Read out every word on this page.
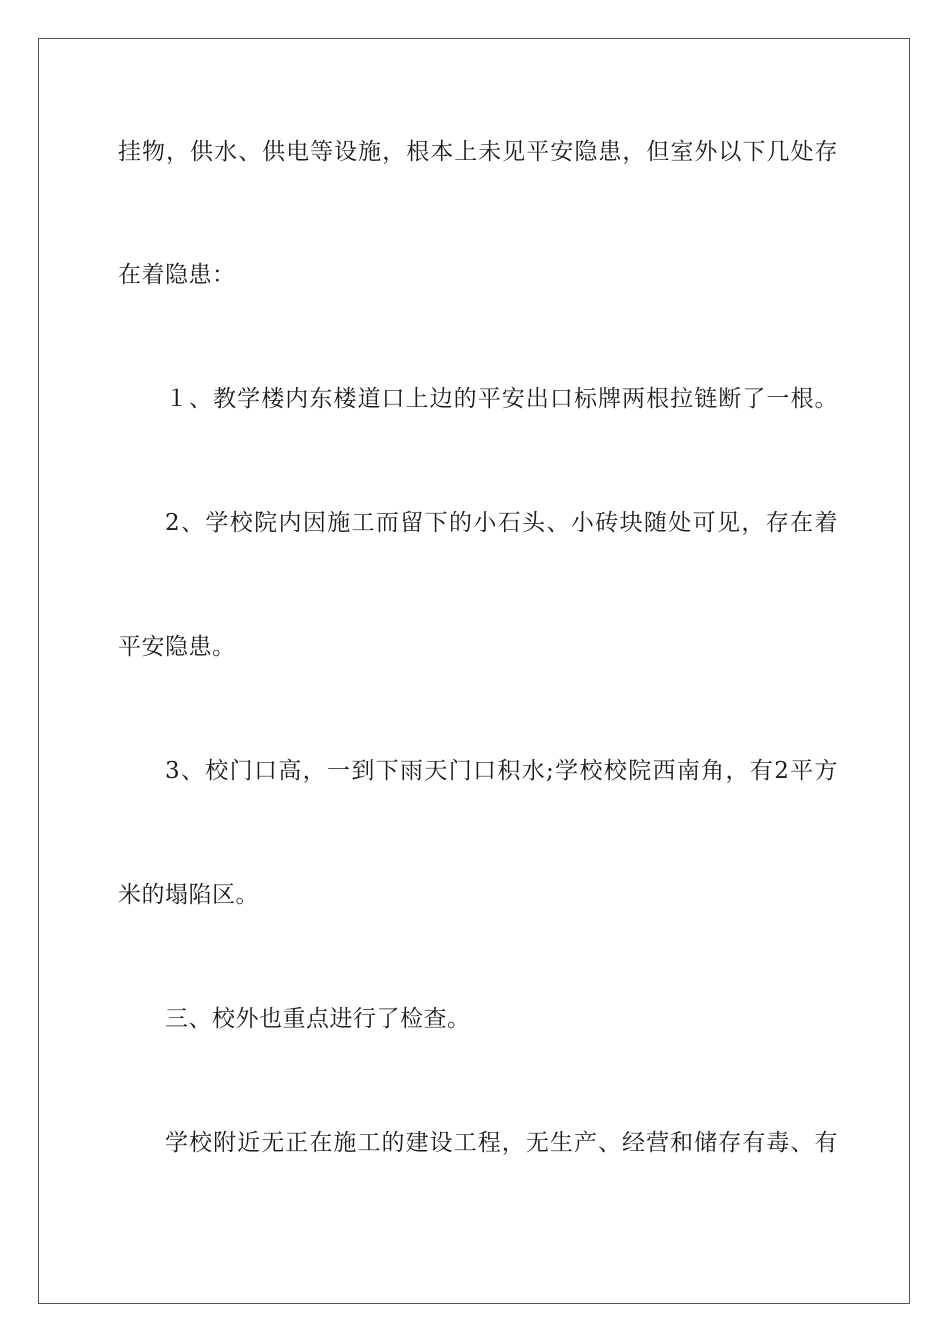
挂物，供水、供电等设施，根本上未见平安隐患，但室外以下几处存
在着隐患：
１、教学楼内东楼道口上边的平安出口标牌两根拉链断了一根。
2、学校院内因施工而留下的小石头、小砖块随处可见，存在着
平安隐患。
3、校门口高，一到下雨天门口积水;学校校院西南角，有2平方
米的塌陷区。
三、校外也重点进行了检查。
学校附近无正在施工的建设工程，无生产、经营和储存有毒、有
